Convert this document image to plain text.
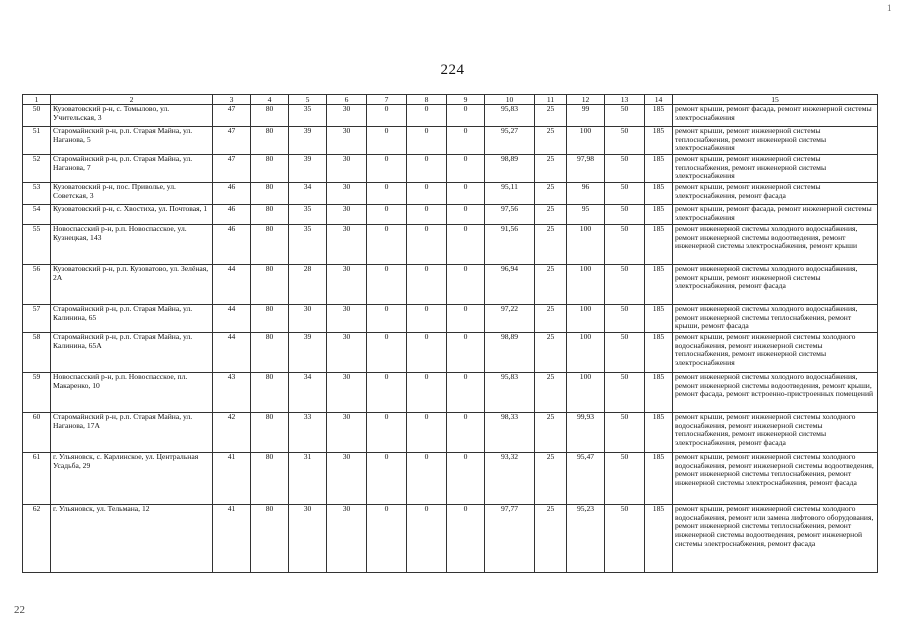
224
1
22
1	2	3	4	5	6	7	8	9	10	11	12	13	14	15
50	Кузоватовский р-н, с. Томылово, ул. Учительская, 3	47	80	35	30	0	0	0	95,83	25	99	50	185	ремонт крыши, ремонт фасада, ремонт инженерной системы электроснабжения
51	Старомайнский р-н, р.п. Старая Майна, ул. Наганова, 5	47	80	39	30	0	0	0	95,27	25	100	50	185	ремонт крыши, ремонт инженерной системы теплоснабжения, ремонт инженерной системы электроснабжения
52	Старомайнский р-н, р.п. Старая Майна, ул. Наганова, 7	47	80	39	30	0	0	0	98,89	25	97,98	50	185	ремонт крыши, ремонт инженерной системы теплоснабжения, ремонт инженерной системы электроснабжения
53	Кузоватовский р-н, пос. Приволье, ул. Советская, 3	46	80	34	30	0	0	0	95,11	25	96	50	185	ремонт крыши, ремонт инженерной системы электроснабжения, ремонт фасада
54	Кузоватовский р-н, с. Хвостиха, ул. Почтовая, 1	46	80	35	30	0	0	0	97,56	25	95	50	185	ремонт крыши, ремонт фасада, ремонт инженерной системы электроснабжения
55	Новоспасский р-н, р.п. Новоспасское, ул. Кузнецкая, 143	46	80	35	30	0	0	0	91,56	25	100	50	185	ремонт инженерной системы холодного водоснабжения, ремонт инженерной системы водоотведения, ремонт инженерной системы электроснабжения, ремонт крыши
56	Кузоватовский р-н, р.п. Кузоватово, ул. Зелёная, 2А	44	80	28	30	0	0	0	96,94	25	100	50	185	ремонт инженерной системы холодного водоснабжения, ремонт крыши, ремонт инженерной системы электроснабжения, ремонт фасада
57	Старомайнский р-н, р.п. Старая Майна, ул. Калинина, 65	44	80	30	30	0	0	0	97,22	25	100	50	185	ремонт инженерной системы холодного водоснабжения, ремонт инженерной системы теплоснабжения, ремонт крыши, ремонт фасада
58	Старомайнский р-н, р.п. Старая Майна, ул. Калинина, 65А	44	80	39	30	0	0	0	98,89	25	100	50	185	ремонт крыши, ремонт инженерной системы холодного водоснабжения, ремонт инженерной системы теплоснабжения, ремонт инженерной системы электроснабжения
59	Новоспасский р-н, р.п. Новоспасское, пл. Макаренко, 10	43	80	34	30	0	0	0	95,83	25	100	50	185	ремонт инженерной системы холодного водоснабжения, ремонт инженерной системы водоотведения, ремонт крыши, ремонт фасада, ремонт встроенно-пристроенных помещений
60	Старомайнский р-н, р.п. Старая Майна, ул. Наганова, 17А	42	80	33	30	0	0	0	98,33	25	99,93	50	185	ремонт крыши, ремонт инженерной системы холодного водоснабжения, ремонт инженерной системы теплоснабжения, ремонт инженерной системы электроснабжения, ремонт фасада
61	г. Ульяновск, с. Карлинское, ул. Центральная Усадьба, 29	41	80	31	30	0	0	0	93,32	25	95,47	50	185	ремонт крыши, ремонт инженерной системы холодного водоснабжения, ремонт инженерной системы водоотведения, ремонт инженерной системы теплоснабжения, ремонт инженерной системы электроснабжения, ремонт фасада
62	г. Ульяновск, ул. Тельмана, 12	41	80	30	30	0	0	0	97,77	25	95,23	50	185	ремонт крыши, ремонт инженерной системы холодного водоснабжения, ремонт или замена лифтового оборудования, ремонт инженерной системы теплоснабжения, ремонт инженерной системы водоотведения, ремонт инженерной системы электроснабжения, ремонт фасада
